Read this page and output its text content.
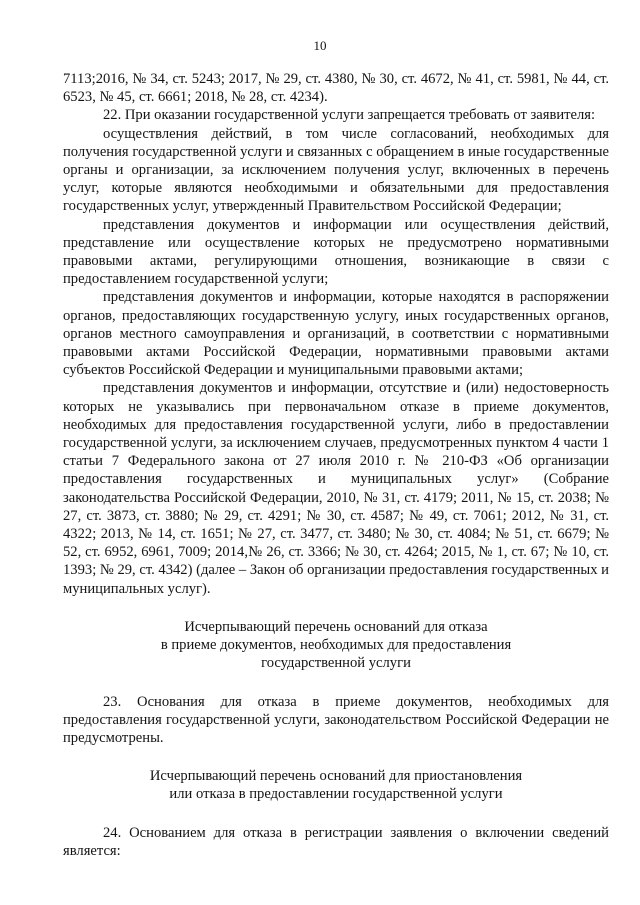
10

7113;2016, № 34, ст. 5243; 2017, № 29, ст. 4380, № 30, ст. 4672, № 41, ст. 5981, № 44, ст. 6523, № 45, ст. 6661; 2018, № 28, ст. 4234).

22. При оказании государственной услуги запрещается требовать от заявителя:

осуществления действий, в том числе согласований, необходимых для получения государственной услуги и связанных с обращением в иные государственные органы и организации, за исключением получения услуг, включенных в перечень услуг, которые являются необходимыми и обязательными для предоставления государственных услуг, утвержденный Правительством Российской Федерации;

представления документов и информации или осуществления действий, представление или осуществление которых не предусмотрено нормативными правовыми актами, регулирующими отношения, возникающие в связи с предоставлением государственной услуги;

представления документов и информации, которые находятся в распоряжении органов, предоставляющих государственную услугу, иных государственных органов, органов местного самоуправления и организаций, в соответствии с нормативными правовыми актами Российской Федерации, нормативными правовыми актами субъектов Российской Федерации и муниципальными правовыми актами;

представления документов и информации, отсутствие и (или) недостоверность которых не указывались при первоначальном отказе в приеме документов, необходимых для предоставления государственной услуги, либо в предоставлении государственной услуги, за исключением случаев, предусмотренных пунктом 4 части 1 статьи 7 Федерального закона от 27 июля 2010 г. № 210-ФЗ «Об организации предоставления государственных и муниципальных услуг» (Собрание законодательства Российской Федерации, 2010, № 31, ст. 4179; 2011, № 15, ст. 2038; № 27, ст. 3873, ст. 3880; № 29, ст. 4291; № 30, ст. 4587; № 49, ст. 7061; 2012, № 31, ст. 4322; 2013, № 14, ст. 1651; № 27, ст. 3477, ст. 3480; № 30, ст. 4084; № 51, ст. 6679; № 52, ст. 6952, 6961, 7009; 2014,№ 26, ст. 3366; № 30, ст. 4264; 2015, № 1, ст. 67; № 10, ст. 1393; № 29, ст. 4342) (далее – Закон об организации предоставления государственных и муниципальных услуг).

Исчерпывающий перечень оснований для отказа

в приеме документов, необходимых для предоставления

государственной услуги

23. Основания для отказа в приеме документов, необходимых для предоставления государственной услуги, законодательством Российской Федерации не предусмотрены.

Исчерпывающий перечень оснований для приостановления

или отказа в предоставлении государственной услуги

24. Основанием для отказа в регистрации заявления о включении сведений является:
